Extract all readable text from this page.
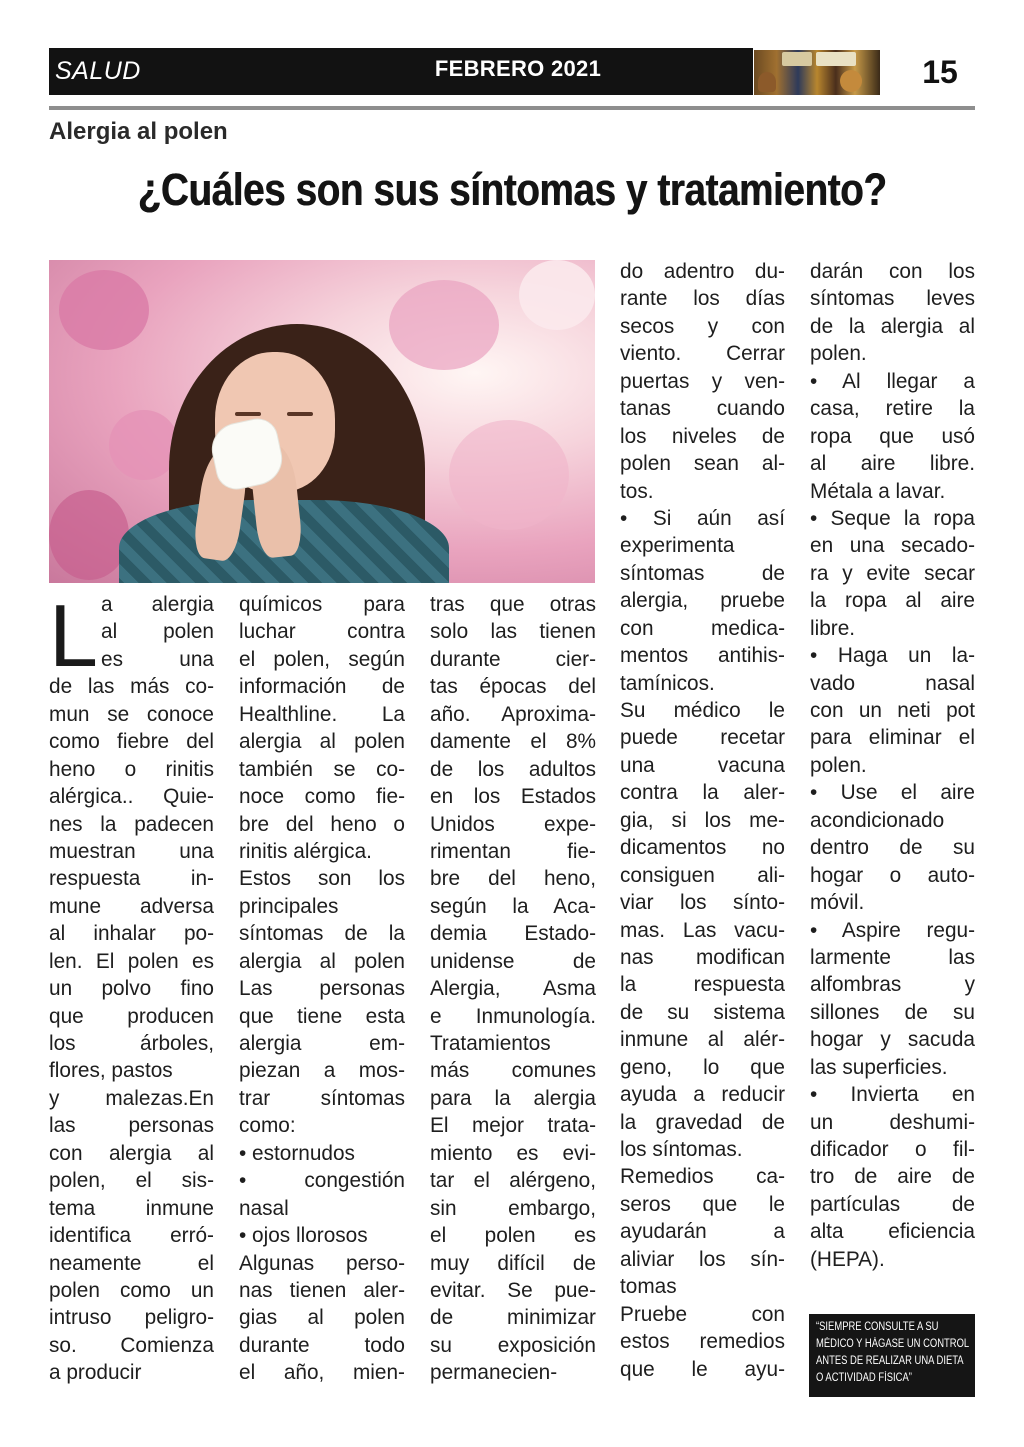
SALUD	FEBRERO 2021	15
Alergia al polen
¿Cuáles son sus síntomas y tratamiento?
L a alergia
al polen
es una
de las más co-
mun se conoce
como fiebre del
heno o rinitis
alérgica.. Quie-
nes la padecen
muestran una
respuesta in-
mune adversa
al inhalar po-
len. El polen es
un polvo fino
que producen
los árboles,
flores, pastos
y malezas.En
las personas
con alergia al
polen, el sis-
tema inmune
identifica erró-
neamente el
polen como un
intruso peligro-
so. Comienza
a producir
químicos para
luchar contra
el polen, según
información de
Healthline. La
alergia al polen
también se co-
noce como fie-
bre del heno o
rinitis alérgica.
Estos son los
principales
síntomas de la
alergia al polen
Las personas
que tiene esta
alergia em-
piezan a mos-
trar síntomas
como:
• estornudos
• congestión
nasal
• ojos llorosos
Algunas perso-
nas tienen aler-
gias al polen
durante todo
el año, mien-
tras que otras
solo las tienen
durante cier-
tas épocas del
año. Aproxima-
damente el 8%
de los adultos
en los Estados
Unidos expe-
rimentan fie-
bre del heno,
según la Aca-
demia Estado-
unidense de
Alergia, Asma
e Inmunología.
Tratamientos
más comunes
para la alergia
El mejor trata-
miento es evi-
tar el alérgeno,
sin embargo,
el polen es
muy difícil de
evitar. Se pue-
de minimizar
su exposición
permanecien-
do adentro du-
rante los días
secos y con
viento. Cerrar
puertas y ven-
tanas cuando
los niveles de
polen sean al-
tos.
• Si aún así
experimenta
síntomas de
alergia, pruebe
con medica-
mentos antihis-
tamínicos.
Su médico le
puede recetar
una vacuna
contra la aler-
gia, si los me-
dicamentos no
consiguen ali-
viar los sínto-
mas. Las vacu-
nas modifican
la respuesta
de su sistema
inmune al alér-
geno, lo que
ayuda a reducir
la gravedad de
los síntomas.
Remedios ca-
seros que le
ayudarán a
aliviar los sín-
tomas
Pruebe con
estos remedios
que le ayu-
darán con los
síntomas leves
de la alergia al
polen.
• Al llegar a
casa, retire la
ropa que usó
al aire libre.
Métala a lavar.
• Seque la ropa
en una secado-
ra y evite secar
la ropa al aire
libre.
• Haga un la-
vado nasal
con un neti pot
para eliminar el
polen.
• Use el aire
acondicionado
dentro de su
hogar o auto-
móvil.
• Aspire regu-
larmente las
alfombras y
sillones de su
hogar y sacuda
las superficies.
• Invierta en
un deshumi-
dificador o fil-
tro de aire de
partículas de
alta eficiencia
(HEPA).
“SIEMPRE CONSULTE A SU
MÉDICO Y HÁGASE UN CONTROL
ANTES DE REALIZAR UNA DIETA
O ACTIVIDAD FÍSICA”
